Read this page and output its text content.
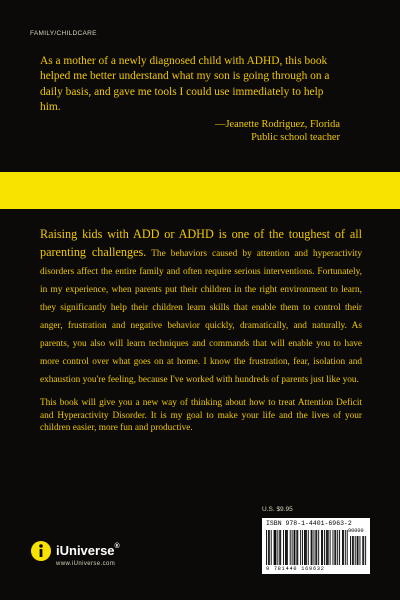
FAMILY/CHILDCARE

As a mother of a newly diagnosed child with ADHD, this book helped me better understand what my son is going through on a daily basis, and gave me tools I could use immediately to help him.

—Jeanette Rodriguez, Florida
Public school teacher
Raising kids with ADD or ADHD is one of the toughest of all parenting challenges. The behaviors caused by attention and hyperactivity disorders affect the entire family and often require serious interventions. Fortunately, in my experience, when parents put their children in the right environment to learn, they significantly help their children learn skills that enable them to control their anger, frustration and negative behavior quickly, dramatically, and naturally. As parents, you also will learn techniques and commands that will enable you to have more control over what goes on at home. I know the frustration, fear, isolation and exhaustion you're feeling, because I've worked with hundreds of parents just like you.
This book will give you a new way of thinking about how to treat Attention Deficit and Hyperactivity Disorder. It is my goal to make your life and the lives of your children easier, more fun and productive.
U.S. $9.95
ISBN 978-1-4401-6963-2
90000
9 781440 169632
iUniverse®
www.iUniverse.com
